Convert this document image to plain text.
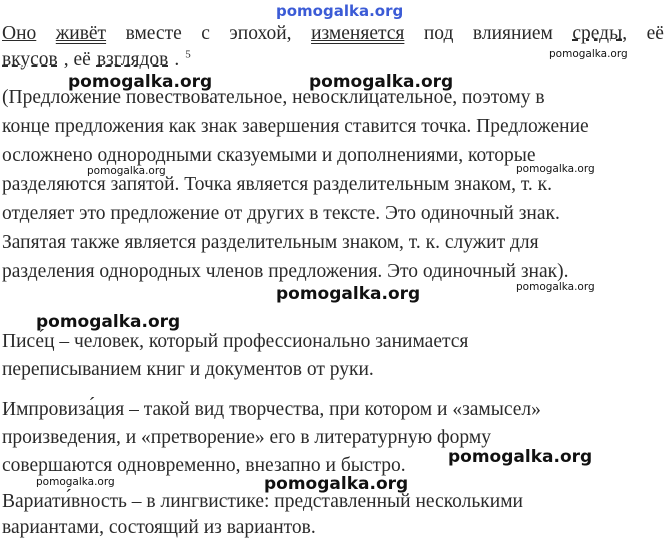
Оно живёт вместе с эпохой, изменяется под влиянием среды, её
вкусов , её взглядов . $^5$
(Предложение повествовательное, невосклицательное, поэтому в
конце предложения как знак завершения ставится точка. Предложение
осложнено однородными сказуемыми и дополнениями, которые
разделяются запятой. Точка является разделительным знаком, т. к.
отделяет это предложение от других в тексте. Это одиночный знак.
Запятая также является разделительным знаком, т. к. служит для
разделения однородных членов предложения. Это одиночный знак).
Писе́ц – человек, который профессионально занимается
переписыванием книг и документов от руки.
Импровиза́ция – такой вид творчества, при котором и «замысел»
произведения, и «претворение» его в литературную форму
совершаются одновременно, внезапно и быстро.
Вариати́вность – в лингвистике: представленный несколькими
вариантами, состоящий из вариантов.
pomogalka.org
pomogalka.org	pomogalka.org
pomogalka.org
pomogalka.org	pomogalka.org
pomogalka.org	pomogalka.org
pomogalka.org
pomogalka.org
pomogalka.org	pomogalka.org
